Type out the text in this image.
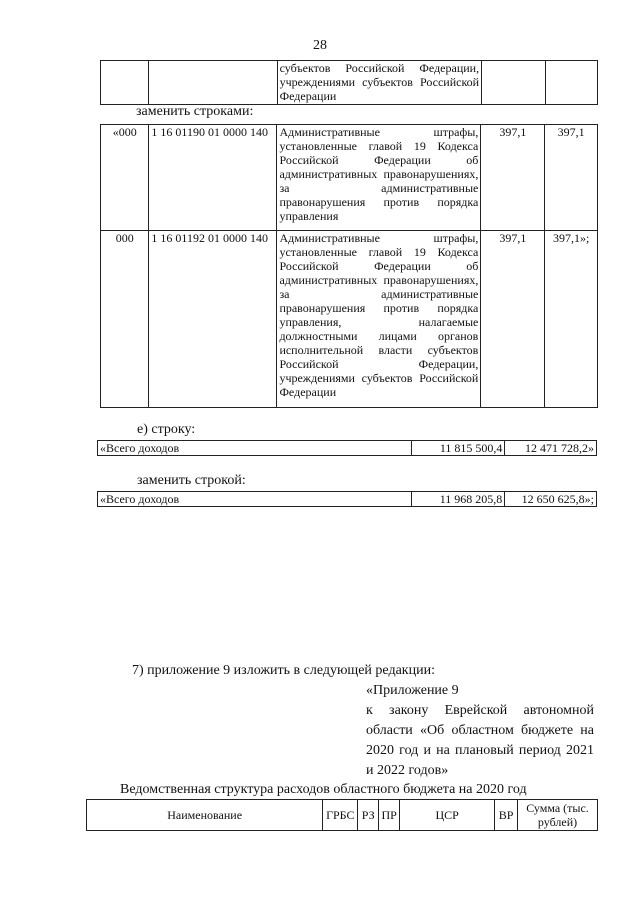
28
		субъектов Российской Федерации, учреждениями субъектов Российской Федерации		
заменить строками:
«000	1 16 01190 01 0000 140	Административные штрафы, установленные главой 19 Кодекса Российской Федерации об административных правонарушениях, за административные правонарушения против порядка управления	397,1	397,1
000	1 16 01192 01 0000 140	Административные штрафы, установленные главой 19 Кодекса Российской Федерации об административных правонарушениях, за административные правонарушения против порядка управления, налагаемые должностными лицами органов исполнительной власти субъектов Российской Федерации, учреждениями субъектов Российской Федерации	397,1	397,1»;
е) строку:
«Всего доходов	11 815 500,4	12 471 728,2»
заменить строкой:
«Всего доходов	11 968 205,8	12 650 625,8»;
7) приложение 9 изложить в следующей редакции:
«Приложение 9
к закону Еврейской автономной области «Об областном бюджете на 2020 год и на плановый период 2021 и 2022 годов»
Ведомственная структура расходов областного бюджета на 2020 год
Наименование	ГРБС	РЗ	ПР	ЦСР	ВР	Сумма (тыс. рублей)
